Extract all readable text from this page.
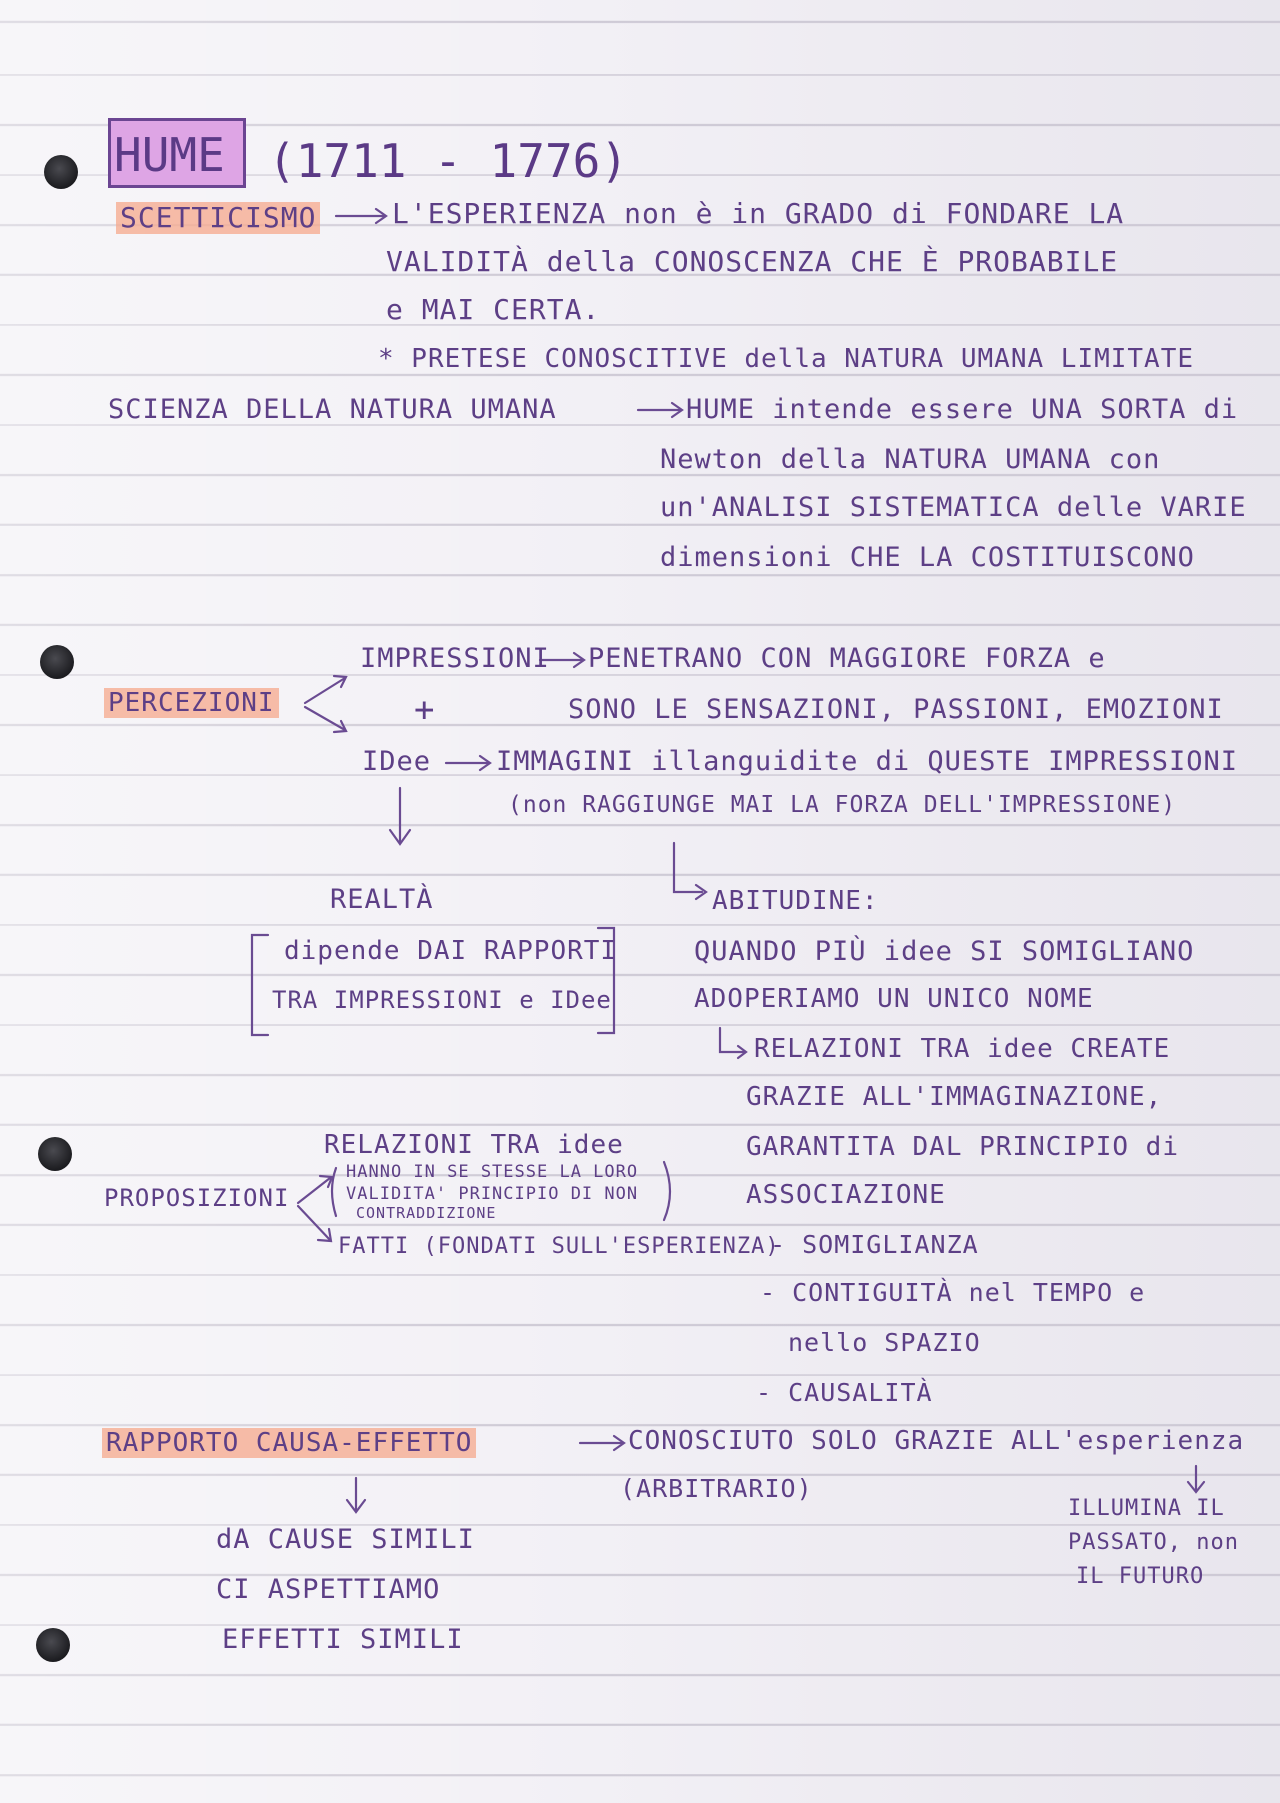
HUME (1711 - 1776)
SCETTICISMO	L'ESPERIENZA non è in GRADO di FONDARE LA
VALIDITÀ della CONOSCENZA CHE È PROBABILE
e MAI CERTA.
* PRETESE CONOSCITIVE della NATURA UMANA LIMITATE
SCIENZA DELLA NATURA UMANA	HUME intende essere UNA SORTA di
Newton della NATURA UMANA con
un'ANALISI SISTEMATICA delle VARIE
dimensioni CHE LA COSTITUISCONO
PERCEZIONI
IMPRESSIONI PENETRANO CON MAGGIORE FORZA e
+	SONO LE SENSAZIONI, PASSIONI, EMOZIONI
IDee IMMAGINI illanguidite di QUESTE IMPRESSIONI
(non RAGGIUNGE MAI LA FORZA DELL'IMPRESSIONE)
REALTÀ
dipende DAI RAPPORTI
TRA IMPRESSIONI e IDee
ABITUDINE:
QUANDO PIÙ idee SI SOMIGLIANO
ADOPERIAMO UN UNICO NOME
RELAZIONI TRA idee CREATE
GRAZIE ALL'IMMAGINAZIONE,
GARANTITA DAL PRINCIPIO di
ASSOCIAZIONE
- SOMIGLIANZA
- CONTIGUITÀ nel TEMPO e
nello SPAZIO
- CAUSALITÀ
RELAZIONI TRA idee
PROPOSIZIONI
HANNO IN SE STESSE LA LORO
VALIDITA' PRINCIPIO DI NON
CONTRADDIZIONE
FATTI (FONDATI SULL'ESPERIENZA)
RAPPORTO CAUSA-EFFETTO	CONOSCIUTO SOLO GRAZIE ALL'esperienza
(ARBITRARIO)
dA CAUSE SIMILI
CI ASPETTIAMO
EFFETTI SIMILI
ILLUMINA IL
PASSATO, non
IL FUTURO
